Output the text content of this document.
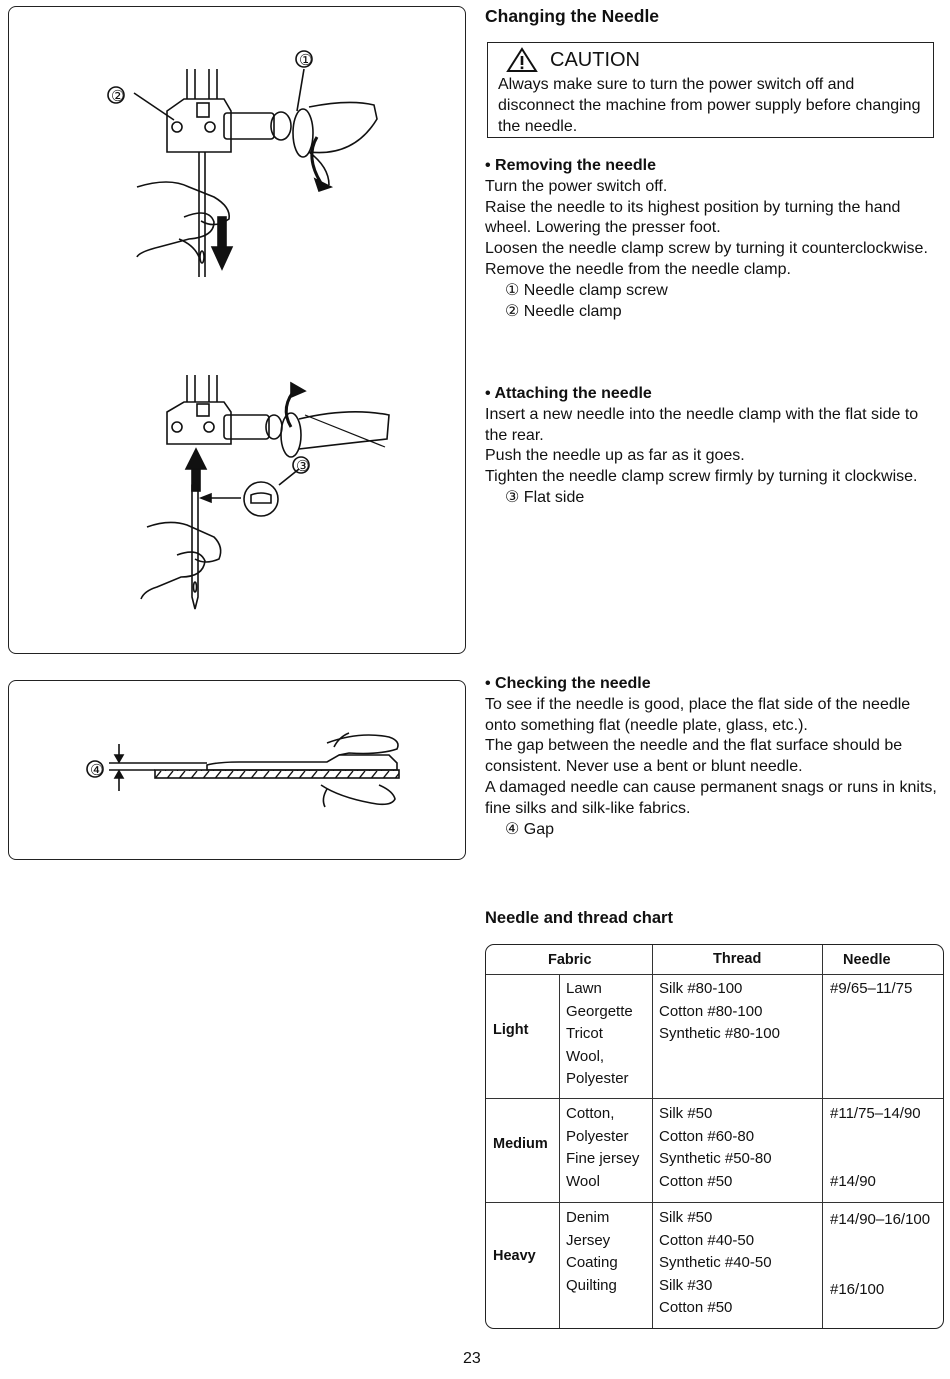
②
①
③
④
Changing the Needle
CAUTION
Always make sure to turn the power switch off and disconnect the machine from power supply before changing the needle.

• Removing the needle

Turn the power switch off.

Raise the needle to its highest position by turning the hand wheel. Lowering the presser foot.

Loosen the needle clamp screw by turning it counterclockwise.

Remove the needle from the needle clamp.

① Needle clamp screw

② Needle clamp

• Attaching the needle

Insert a new needle into the needle clamp with the flat side to the rear.

Push the needle up as far as it goes.

Tighten the needle clamp screw firmly by turning it clockwise.

③ Flat side

• Checking the needle

To see if the needle is good, place the flat side of the needle onto something flat (needle plate, glass, etc.).

The gap between the needle and the flat surface should be consistent. Never use a bent or blunt needle.

A damaged needle can cause permanent snags or runs in knits, fine silks and silk-like fabrics.

④ Gap

Needle and thread chart
Fabric	Thread	Needle
Light
Lawn
Georgette
Tricot
Wool,
Polyester
Silk #80-100
Cotton #80-100
Synthetic #80-100
#9/65–11/75
Medium
Cotton,
Polyester
Fine jersey
Wool
Silk #50
Cotton #60-80
Synthetic #50-80
Cotton #50
#11/75–14/90
#14/90
Heavy
Denim
Jersey
Coating
Quilting
Silk #50
Cotton #40-50
Synthetic #40-50
Silk #30
Cotton #50
#14/90–16/100
#16/100
23
